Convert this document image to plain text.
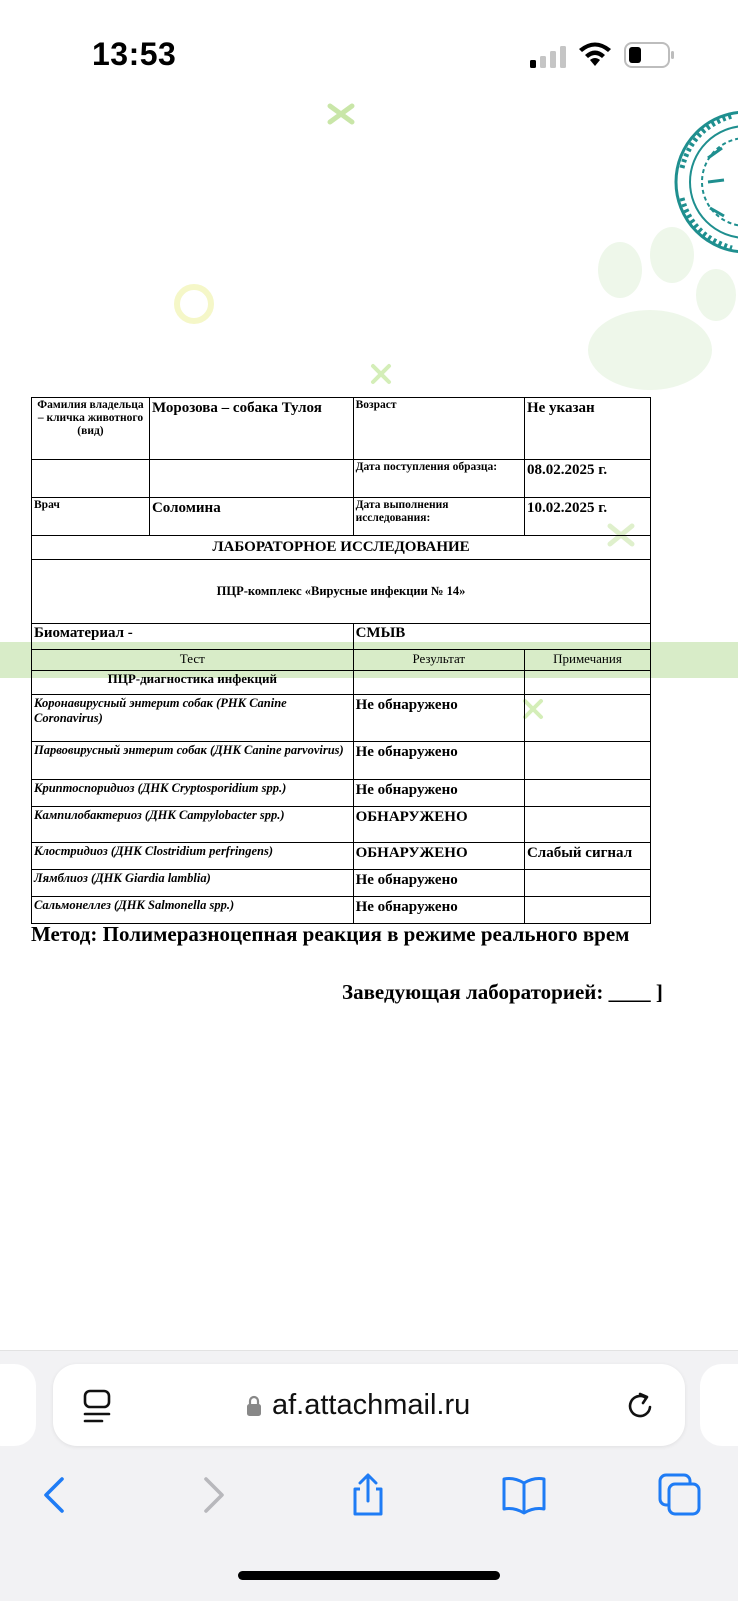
13:53
Фамилия владельца – кличка животного (вид)	Морозова – собака Тулоя	Возраст	Не указан
		Дата поступления образца:	08.02.2025 г.
Врач	Соломина	Дата выполнения исследования:	10.02.2025 г.
ЛАБОРАТОРНОЕ ИССЛЕДОВАНИЕ			
ПЦР-комплекс «Вирусные инфекции № 14»			
Биоматериал -		СМЫВ	
Тест		Результат	Примечания
ПЦР-диагностика инфекций			
Коронавирусный энтерит собак (РНК Canine Coronavirus)		Не обнаружено	
Парвовирусный энтерит собак (ДНК Canine parvovirus)		Не обнаружено	
Криптоспоридиоз (ДНК Cryptosporidium spp.)		Не обнаружено	
Кампилобактериоз (ДНК Campylobacter spp.)		ОБНАРУЖЕНО	
Клостридиоз (ДНК Clostridium perfringens)		ОБНАРУЖЕНО	Слабый сигнал
Лямблиоз (ДНК Giardia lamblia)		Не обнаружено	
Сальмонеллез (ДНК Salmonella spp.)		Не обнаружено	
Метод: Полимеразноцепная реакция в режиме реального врем
Заведующая лабораторией: ____ ]
af.attachmail.ru
